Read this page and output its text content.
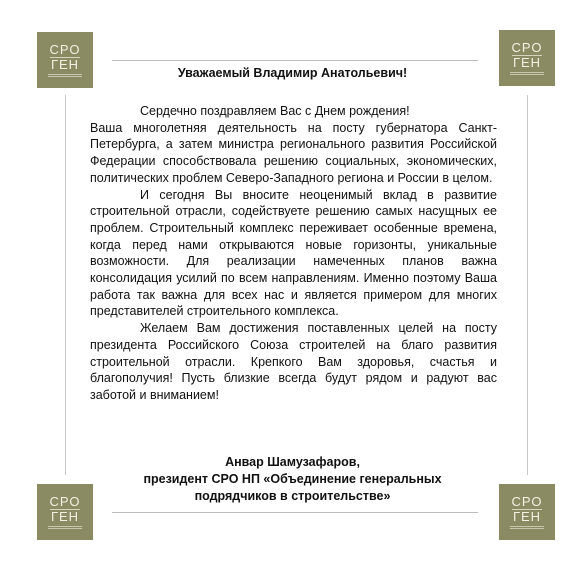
СРО
ГЕН
СРО
ГЕН
СРО
ГЕН
СРО
ГЕН
Уважаемый Владимир Анатольевич!

Сердечно поздравляем Вас с Днем рождения!

Ваша многолетняя деятельность на посту губернатора Санкт-Петербурга, а затем министра регионального развития Российской Федерации способствовала решению социальных, экономических, политических проблем Северо-Западного региона и России в целом.

И сегодня Вы вносите неоценимый вклад в развитие строительной отрасли, содействуете решению самых насущных ее проблем. Строительный комплекс переживает особенные времена, когда перед нами открываются новые горизонты, уникальные возможности. Для реализации намеченных планов важна консолидация усилий по всем направлениям. Именно поэтому Ваша работа так важна для всех нас и является примером для многих представителей строительного комплекса.

Желаем Вам достижения поставленных целей на посту президента Российского Союза строителей на благо развития строительной отрасли. Крепкого Вам здоровья, счастья и благополучия! Пусть близкие всегда будут рядом и радуют вас заботой и вниманием!

Анвар Шамузафаров,
президент СРО НП «Объединение генеральных
подрядчиков в строительстве»
